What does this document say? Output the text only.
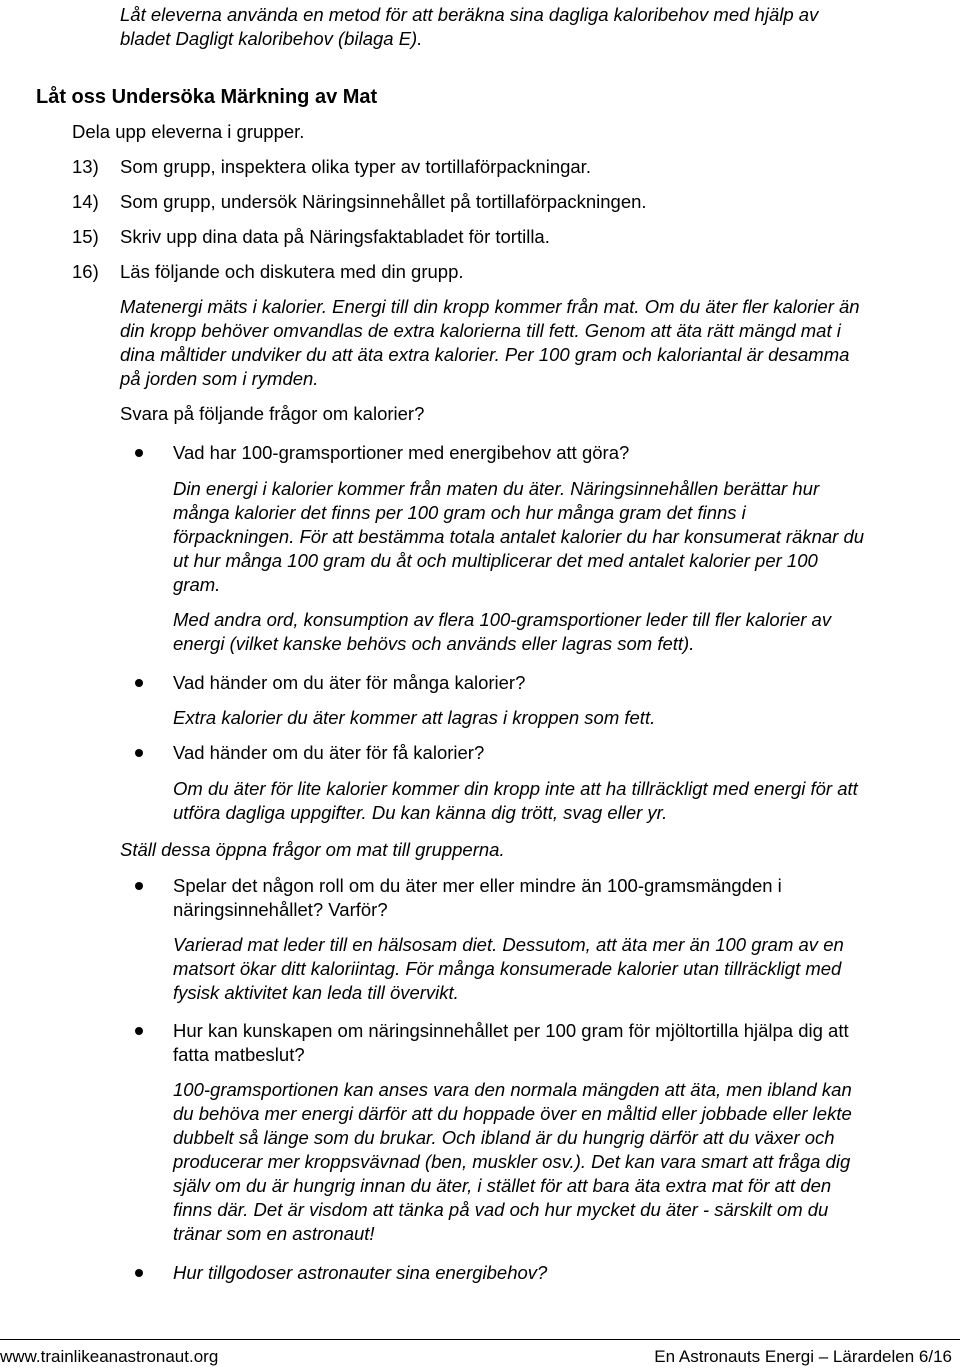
Låt eleverna använda en metod för att beräkna sina dagliga kaloribehov med hjälp av
bladet Dagligt kaloribehov (bilaga E).
Låt oss Undersöka Märkning av Mat
Dela upp eleverna i grupper.
13) Som grupp, inspektera olika typer av tortillaförpackningar.
14) Som grupp, undersök Näringsinnehållet på tortillaförpackningen.
15) Skriv upp dina data på Näringsfaktabladet för tortilla.
16) Läs följande och diskutera med din grupp.
Matenergi mäts i kalorier. Energi till din kropp kommer från mat. Om du äter fler kalorier än
din kropp behöver omvandlas de extra kalorierna till fett. Genom att äta rätt mängd mat i
dina måltider undviker du att äta extra kalorier. Per 100 gram och kaloriantal är desamma
på jorden som i rymden.
Svara på följande frågor om kalorier?
Vad har 100-gramsportioner med energibehov att göra?
Din energi i kalorier kommer från maten du äter. Näringsinnehållen berättar hur
många kalorier det finns per 100 gram och hur många gram det finns i
förpackningen. För att bestämma totala antalet kalorier du har konsumerat räknar du
ut hur många 100 gram du åt och multiplicerar det med antalet kalorier per 100
gram.
Med andra ord, konsumption av flera 100-gramsportioner leder till fler kalorier av
energi (vilket kanske behövs och används eller lagras som fett).
Vad händer om du äter för många kalorier?
Extra kalorier du äter kommer att lagras i kroppen som fett.
Vad händer om du äter för få kalorier?
Om du äter för lite kalorier kommer din kropp inte att ha tillräckligt med energi för att
utföra dagliga uppgifter. Du kan känna dig trött, svag eller yr.
Ställ dessa öppna frågor om mat till grupperna.
Spelar det någon roll om du äter mer eller mindre än 100-gramsmängden i
näringsinnehållet? Varför?
Varierad mat leder till en hälsosam diet. Dessutom, att äta mer än 100 gram av en
matsort ökar ditt kaloriintag. För många konsumerade kalorier utan tillräckligt med
fysisk aktivitet kan leda till övervikt.
Hur kan kunskapen om näringsinnehållet per 100 gram för mjöltortilla hjälpa dig att
fatta matbeslut?
100-gramsportionen kan anses vara den normala mängden att äta, men ibland kan
du behöva mer energi därför att du hoppade över en måltid eller jobbade eller lekte
dubbelt så länge som du brukar. Och ibland är du hungrig därför att du växer och
producerar mer kroppsvävnad (ben, muskler osv.). Det kan vara smart att fråga dig
själv om du är hungrig innan du äter, i stället för att bara äta extra mat för att den
finns där. Det är visdom att tänka på vad och hur mycket du äter - särskilt om du
tränar som en astronaut!
Hur tillgodoser astronauter sina energibehov?
www.trainlikeanastronaut.org	En Astronauts Energi – Lärardelen 6/16
